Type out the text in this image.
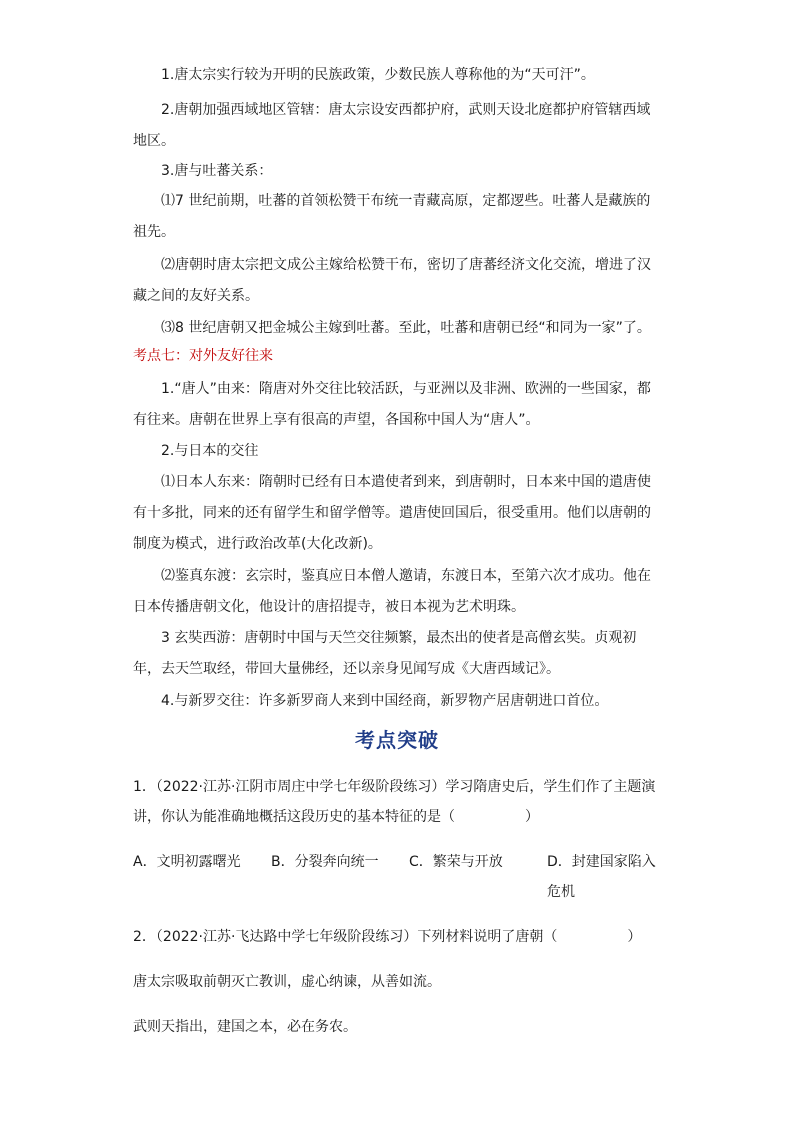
1.唐太宗实行较为开明的民族政策，少数民族人尊称他的为“天可汗”。
2.唐朝加强西域地区管辖：唐太宗设安西都护府，武则天设北庭都护府管辖西域地区。
3.唐与吐蕃关系：
⑴7 世纪前期，吐蕃的首领松赞干布统一青藏高原，定都逻些。吐蕃人是藏族的祖先。
⑵唐朝时唐太宗把文成公主嫁给松赞干布，密切了唐蕃经济文化交流，增进了汉藏之间的友好关系。
⑶8 世纪唐朝又把金城公主嫁到吐蕃。至此，吐蕃和唐朝已经“和同为一家”了。
考点七：对外友好往来
1.“唐人”由来：隋唐对外交往比较活跃，与亚洲以及非洲、欧洲的一些国家，都有往来。唐朝在世界上享有很高的声望，各国称中国人为“唐人”。
2.与日本的交往
⑴日本人东来：隋朝时已经有日本遣使者到来，到唐朝时，日本来中国的遣唐使有十多批，同来的还有留学生和留学僧等。遣唐使回国后，很受重用。他们以唐朝的制度为模式，进行政治改革(大化改新)。
⑵鉴真东渡：玄宗时，鉴真应日本僧人邀请，东渡日本，至第六次才成功。他在日本传播唐朝文化，他设计的唐招提寺，被日本视为艺术明珠。
3 玄奘西游：唐朝时中国与天竺交往频繁，最杰出的使者是高僧玄奘。贞观初年，去天竺取经，带回大量佛经，还以亲身见闻写成《大唐西域记》。
4.与新罗交往：许多新罗商人来到中国经商，新罗物产居唐朝进口首位。
考点突破
1．（2022·江苏·江阴市周庄中学七年级阶段练习）学习隋唐史后，学生们作了主题演讲，你认为能准确地概括这段历史的基本特征的是（　　　　　）
A．文明初露曙光 B．分裂奔向统一 C．繁荣与开放	D．封建国家陷入危机
2．（2022·江苏·飞达路中学七年级阶段练习）下列材料说明了唐朝（　　　　　）
唐太宗吸取前朝灭亡教训，虚心纳谏，从善如流。
武则天指出，建国之本，必在务农。
